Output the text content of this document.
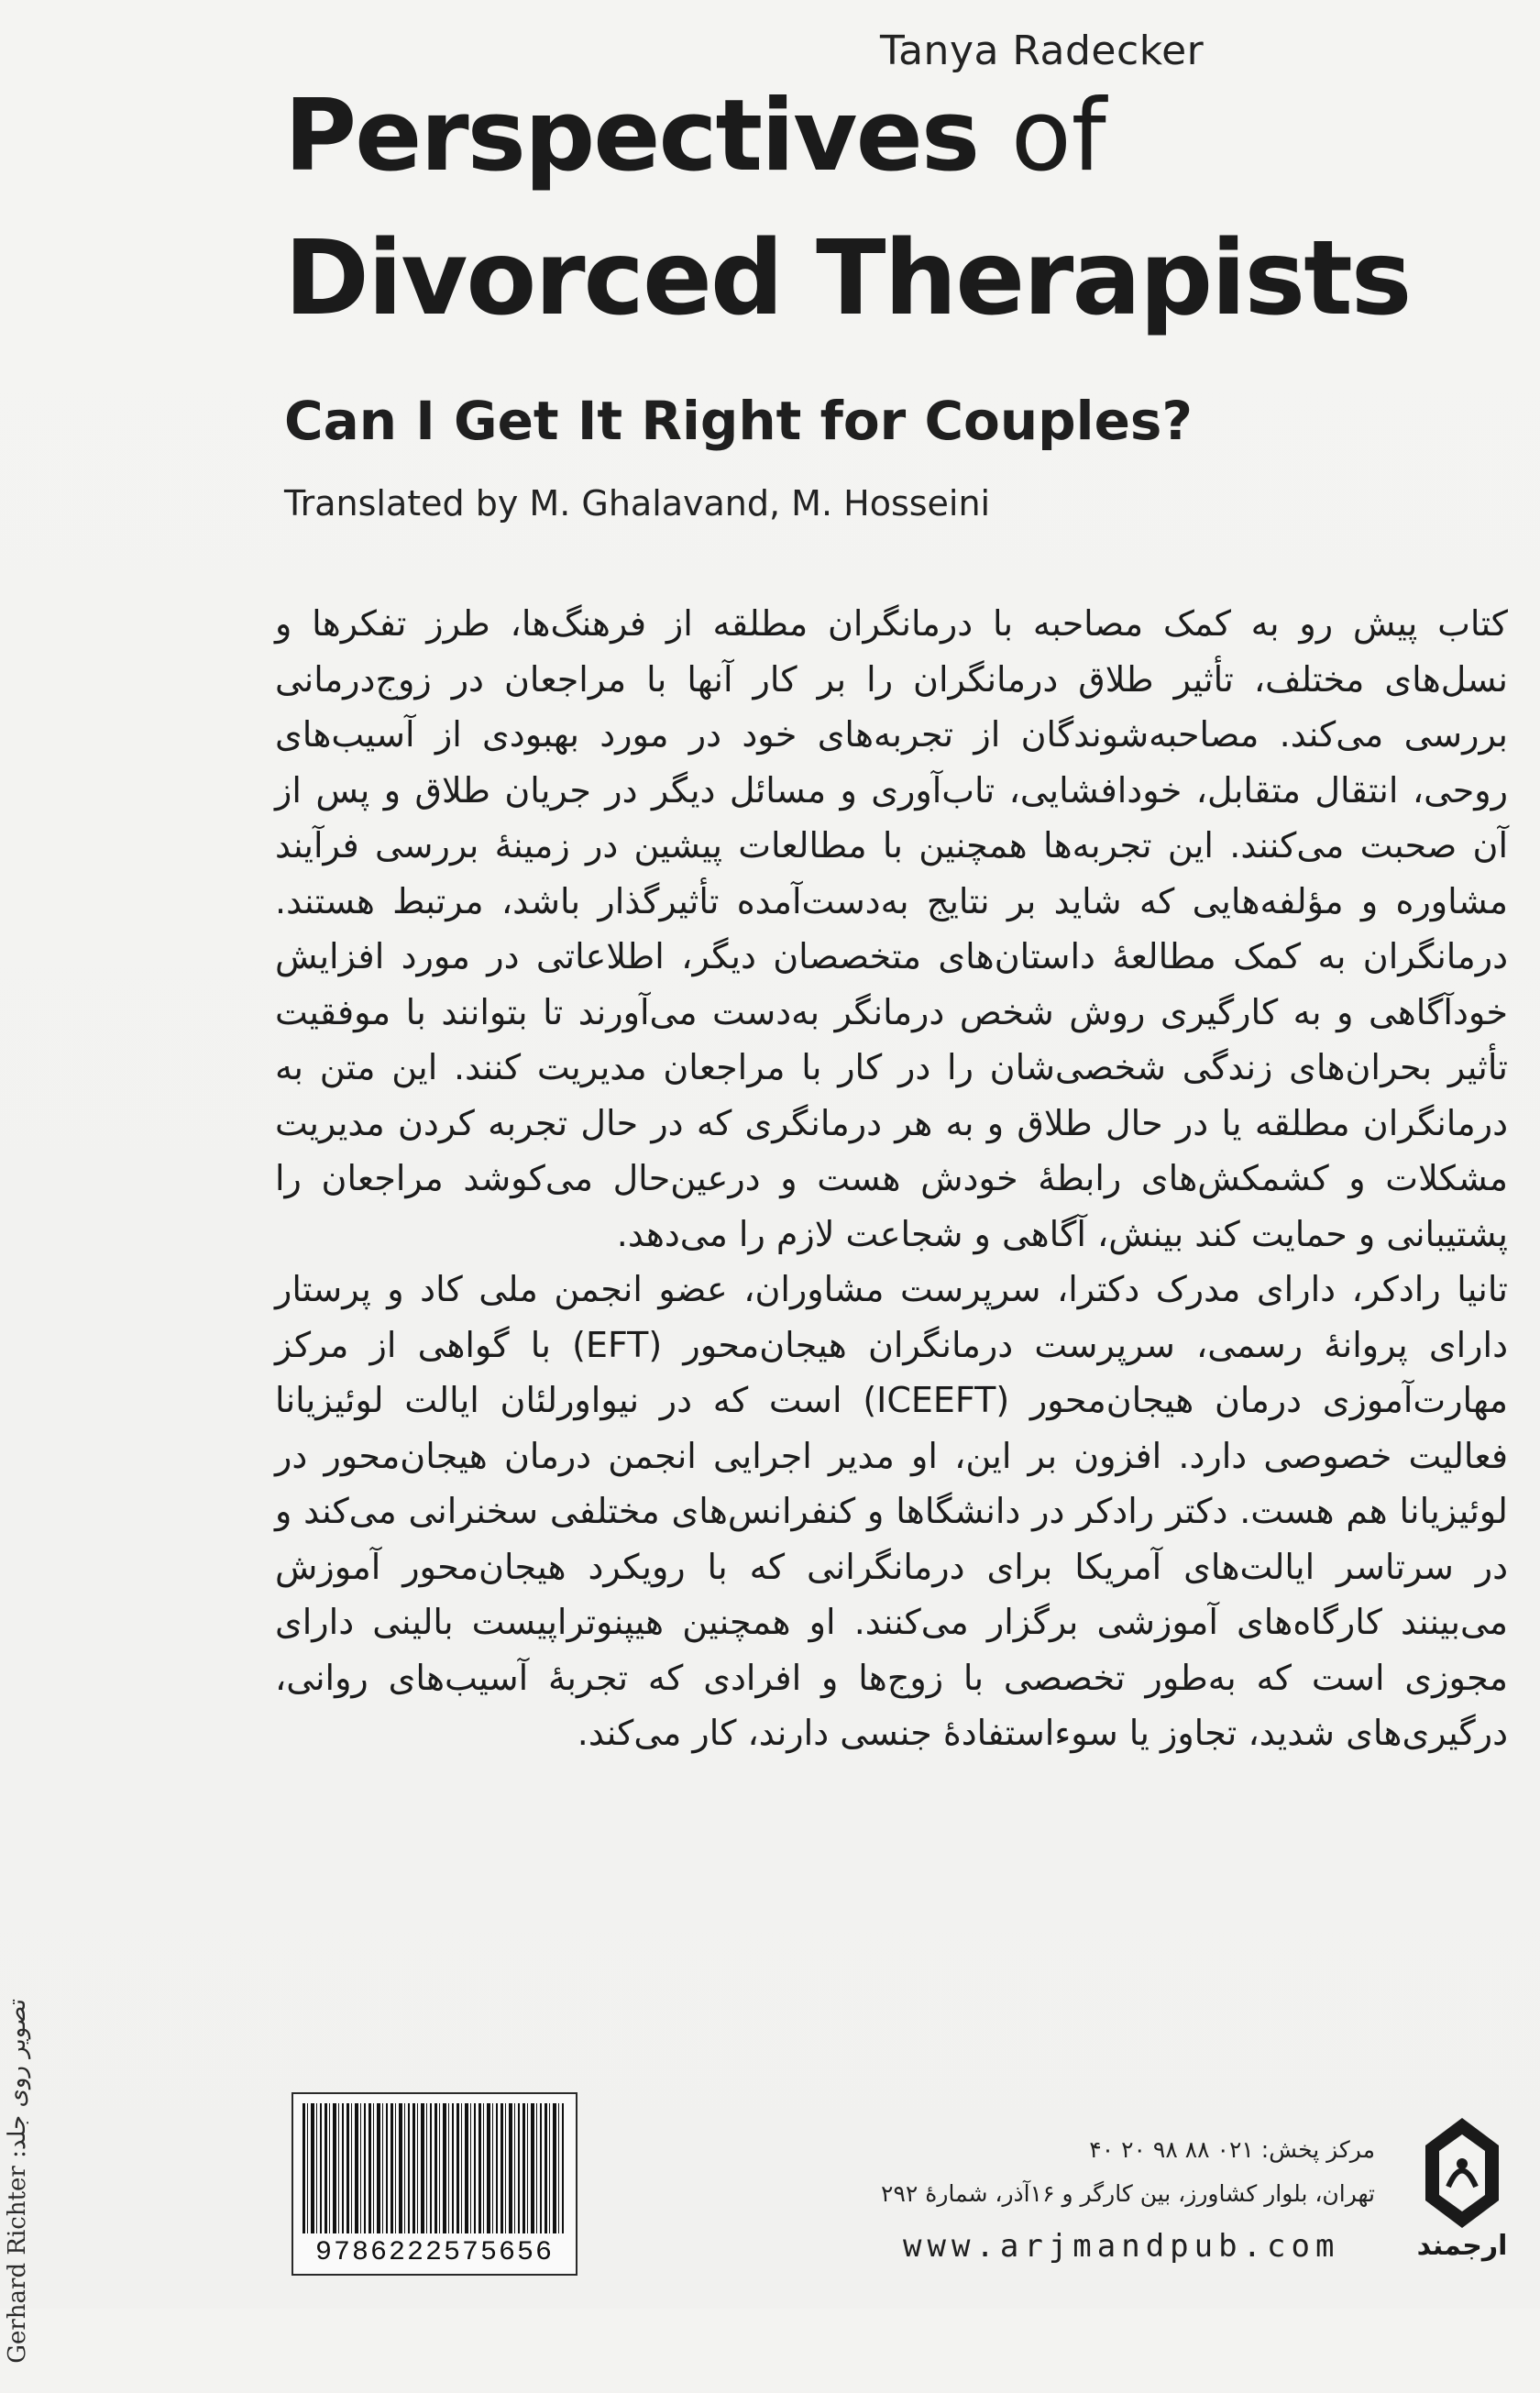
Tanya Radecker
Perspectives of
Divorced Therapists
Can I Get It Right for Couples?
Translated by M. Ghalavand, M. Hosseini

کتاب پیش رو به کمک مصاحبه با درمانگران مطلقه از فرهنگ‌ها، طرز تفکرها و نسل‌های مختلف، تأثیر طلاق درمانگران را بر کار آنها با مراجعان در زوج‌درمانی بررسی می‌کند. مصاحبه‌شوندگان از تجربه‌های خود در مورد بهبودی از آسیب‌های روحی، انتقال متقابل، خودافشایی، تاب‌آوری و مسائل دیگر در جریان طلاق و پس از آن صحبت می‌کنند. این تجربه‌ها همچنین با مطالعات پیشین در زمینهٔ بررسی فرآیند مشاوره و مؤلفه‌هایی که شاید بر نتایج به‌دست‌آمده تأثیرگذار باشد، مرتبط هستند. درمانگران به کمک مطالعهٔ داستان‌های متخصصان دیگر، اطلاعاتی در مورد افزایش خودآگاهی و به کارگیری روش شخص درمانگر به‌دست می‌آورند تا بتوانند با موفقیت تأثیر بحران‌های زندگی شخصی‌شان را در کار با مراجعان مدیریت کنند. این متن به درمانگران مطلقه یا در حال طلاق و به هر درمانگری که در حال تجربه کردن مدیریت مشکلات و کشمکش‌های رابطهٔ خودش هست و درعین‌حال می‌کوشد مراجعان را پشتیبانی و حمایت کند بینش، آگاهی و شجاعت لازم را می‌دهد.

تانیا رادکر، دارای مدرک دکترا، سرپرست مشاوران، عضو انجمن ملی کاد و پرستار دارای پروانهٔ رسمی، سرپرست درمانگران هیجان‌محور (EFT) با گواهی از مرکز مهارت‌آموزی درمان هیجان‌محور (ICEEFT) است که در نیواورلئان ایالت لوئیزیانا فعالیت خصوصی دارد. افزون بر این، او مدیر اجرایی انجمن درمان هیجان‌محور در لوئیزیانا هم هست. دکتر رادکر در دانشگاها و کنفرانس‌های مختلفی سخنرانی می‌کند و در سرتاسر ایالت‌های آمریکا برای درمانگرانی که با رویکرد هیجان‌محور آموزش می‌بینند کارگاه‌های آموزشی برگزار می‌کنند. او همچنین هیپنوتراپیست بالینی دارای مجوزی است که به‌طور تخصصی با زوج‌ها و افرادی که تجربهٔ آسیب‌های روانی، درگیری‌های شدید، تجاوز یا سوءاستفادهٔ جنسی دارند، کار می‌کند.

تصویر روی جلد: Gerhard Richter
9786222575656
مرکز پخش: ۰۲۱ ۸۸ ۹۸ ۲۰ ۴۰
تهران، بلوار کشاورز، بین کارگر و ۱۶آذر، شمارهٔ ۲۹۲
www.arjmandpub.com	ارجمند
